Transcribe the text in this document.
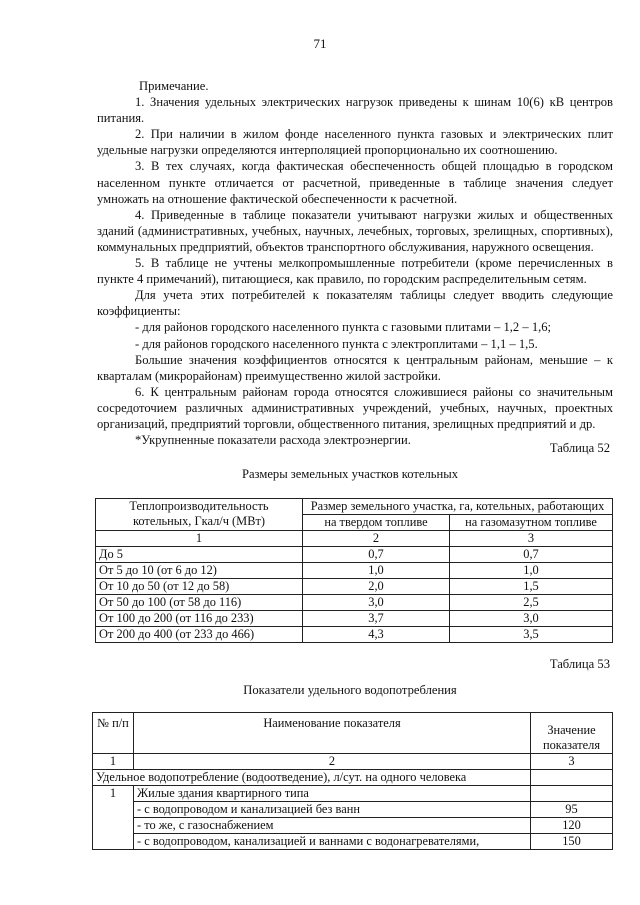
71

Примечание.

1. Значения удельных электрических нагрузок приведены к шинам 10(6) кВ центров питания.

2. При наличии в жилом фонде населенного пункта газовых и электрических плит удельные нагрузки определяются интерполяцией пропорционально их соотношению.

3. В тех случаях, когда фактическая обеспеченность общей площадью в городском населенном пункте отличается от расчетной, приведенные в таблице значения следует умножать на отношение фактической обеспеченности к расчетной.

4. Приведенные в таблице показатели учитывают нагрузки жилых и общественных зданий (административных, учебных, научных, лечебных, торговых, зрелищных, спортивных), коммунальных предприятий, объектов транспортного обслуживания, наружного освещения.

5. В таблице не учтены мелкопромышленные потребители (кроме перечисленных в пункте 4 примечаний), питающиеся, как правило, по городским распределительным сетям.

Для учета этих потребителей к показателям таблицы следует вводить следующие коэффициенты:

- для районов городского населенного пункта с газовыми плитами – 1,2 – 1,6;

- для районов городского населенного пункта с электроплитами – 1,1 – 1,5.

Большие значения коэффициентов относятся к центральным районам, меньшие – к кварталам (микрорайонам) преимущественно жилой застройки.

6. К центральным районам города относятся сложившиеся районы со значительным сосредоточием различных административных учреждений, учебных, научных, проектных организаций, предприятий торговли, общественного питания, зрелищных предприятий и др.

*Укрупненные показатели расхода электроэнергии.

Таблица 52
Размеры земельных участков котельных
Теплопроизводительность котельных, Гкал/ч (МВт)	Размер земельного участка, га, котельных, работающих	
	на твердом топливе	на газомазутном топливе
1	2	3
До 5	0,7	0,7
От 5 до 10 (от 6 до 12)	1,0	1,0
От 10 до 50 (от 12 до 58)	2,0	1,5
От 50 до 100 (от 58 до 116)	3,0	2,5
От 100 до 200 (от 116 до 233)	3,7	3,0
От 200 до 400 (от 233 до 466)	4,3	3,5
Таблица 53
Показатели удельного водопотребления
№ п/п	Наименование показателя	Значение показателя
1	2	3
Удельное водопотребление (водоотведение), л/сут. на одного человека		
1	Жилые здания квартирного типа	
	- с водопроводом и канализацией без ванн	95
	- то же, с газоснабжением	120
	- с водопроводом, канализацией и ваннами с водонагревателями,	150
